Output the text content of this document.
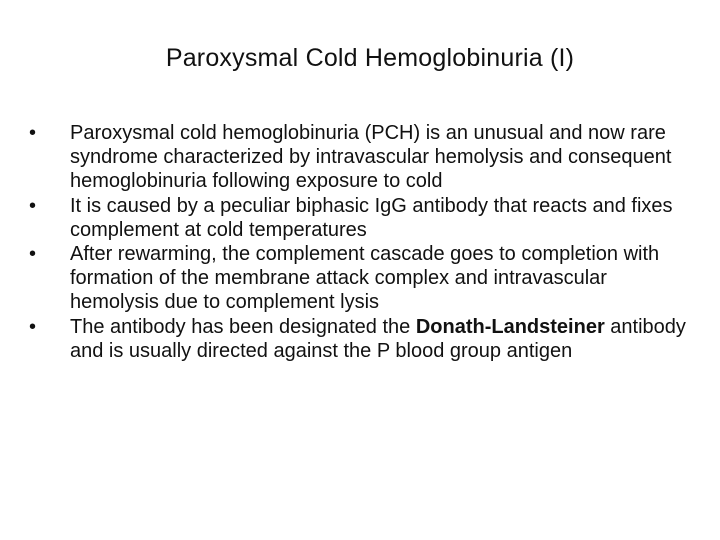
Paroxysmal Cold Hemoglobinuria (I)
•	Paroxysmal cold hemoglobinuria (PCH) is an unusual and now rare syndrome characterized by intravascular hemolysis and consequent hemoglobinuria following exposure to cold
•	It is caused by a peculiar biphasic IgG antibody that reacts and fixes complement at cold temperatures
•	After rewarming, the complement cascade goes to completion with formation of the membrane attack complex and intravascular hemolysis due to complement lysis
•	The antibody has been designated the Donath-Landsteiner antibody and is usually directed against the P blood group antigen
